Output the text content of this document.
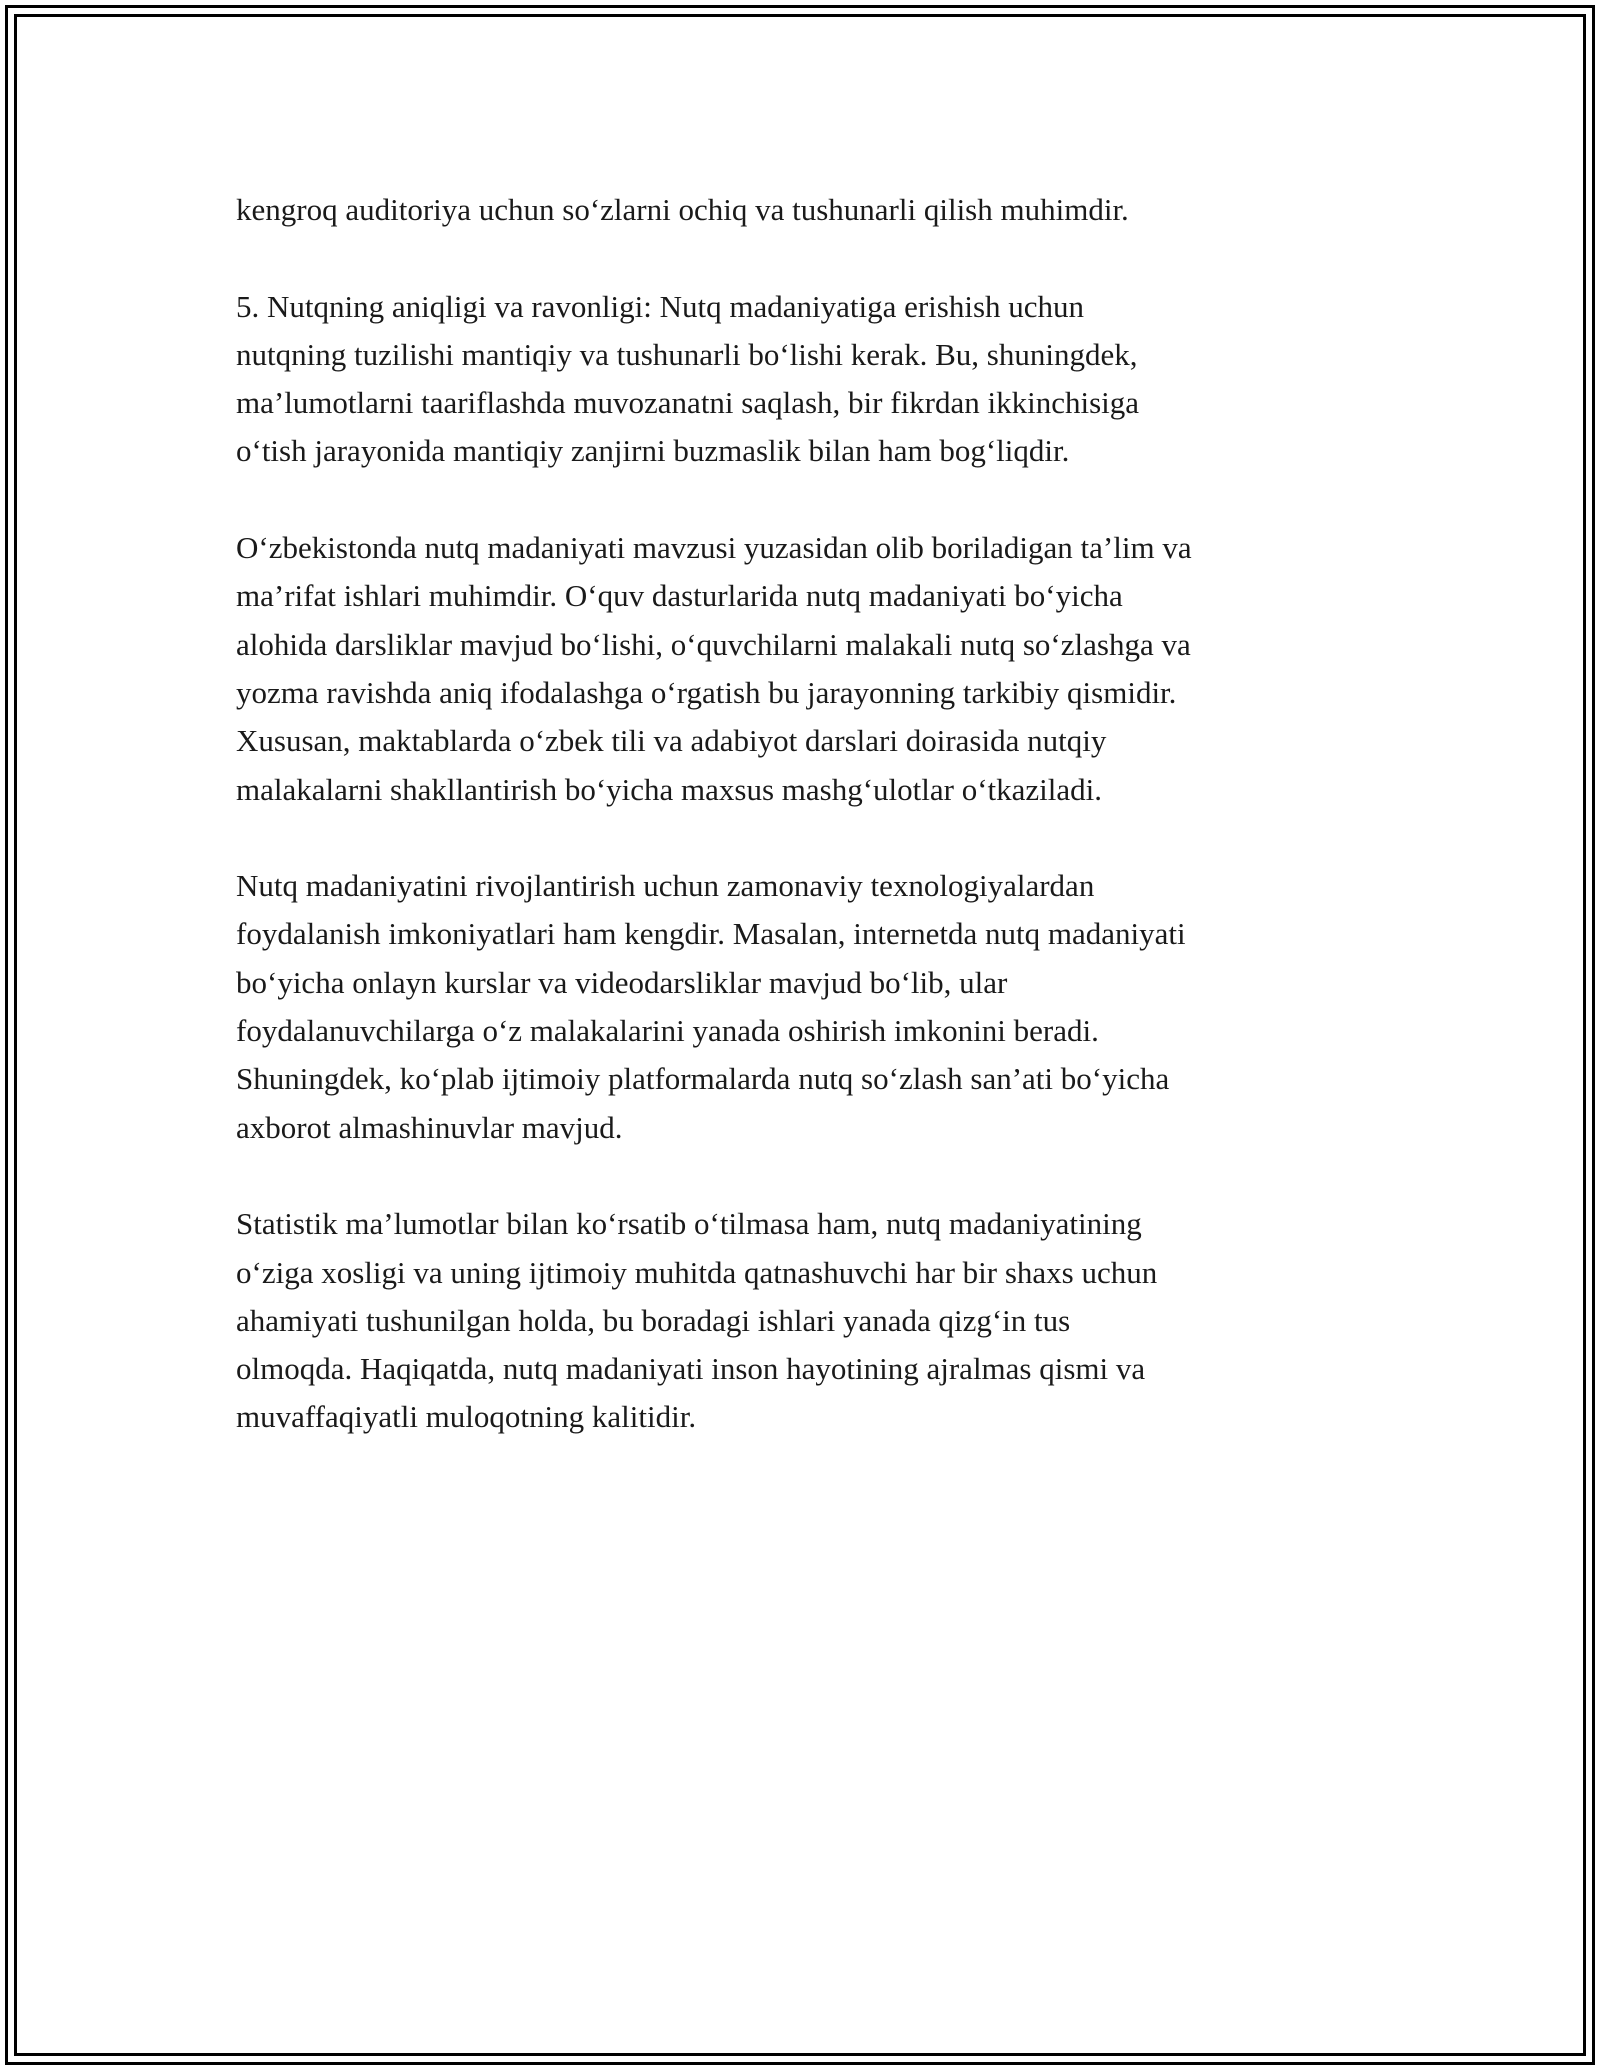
kengroq auditoriya uchun so‘zlarni ochiq va tushunarli qilish muhimdir.

5. Nutqning aniqligi va ravonligi: Nutq madaniyatiga erishish uchun
nutqning tuzilishi mantiqiy va tushunarli bo‘lishi kerak. Bu, shuningdek,
ma’lumotlarni taariflashda muvozanatni saqlash, bir fikrdan ikkinchisiga
o‘tish jarayonida mantiqiy zanjirni buzmaslik bilan ham bog‘liqdir.

O‘zbekistonda nutq madaniyati mavzusi yuzasidan olib boriladigan ta’lim va
ma’rifat ishlari muhimdir. O‘quv dasturlarida nutq madaniyati bo‘yicha
alohida darsliklar mavjud bo‘lishi, o‘quvchilarni malakali nutq so‘zlashga va
yozma ravishda aniq ifodalashga o‘rgatish bu jarayonning tarkibiy qismidir.
Xususan, maktablarda o‘zbek tili va adabiyot darslari doirasida nutqiy
malakalarni shakllantirish bo‘yicha maxsus mashg‘ulotlar o‘tkaziladi.

Nutq madaniyatini rivojlantirish uchun zamonaviy texnologiyalardan
foydalanish imkoniyatlari ham kengdir. Masalan, internetda nutq madaniyati
bo‘yicha onlayn kurslar va videodarsliklar mavjud bo‘lib, ular
foydalanuvchilarga o‘z malakalarini yanada oshirish imkonini beradi.
Shuningdek, ko‘plab ijtimoiy platformalarda nutq so‘zlash san’ati bo‘yicha
axborot almashinuvlar mavjud.

Statistik ma’lumotlar bilan ko‘rsatib o‘tilmasa ham, nutq madaniyatining
o‘ziga xosligi va uning ijtimoiy muhitda qatnashuvchi har bir shaxs uchun
ahamiyati tushunilgan holda, bu boradagi ishlari yanada qizg‘in tus
olmoqda. Haqiqatda, nutq madaniyati inson hayotining ajralmas qismi va
muvaffaqiyatli muloqotning kalitidir.
